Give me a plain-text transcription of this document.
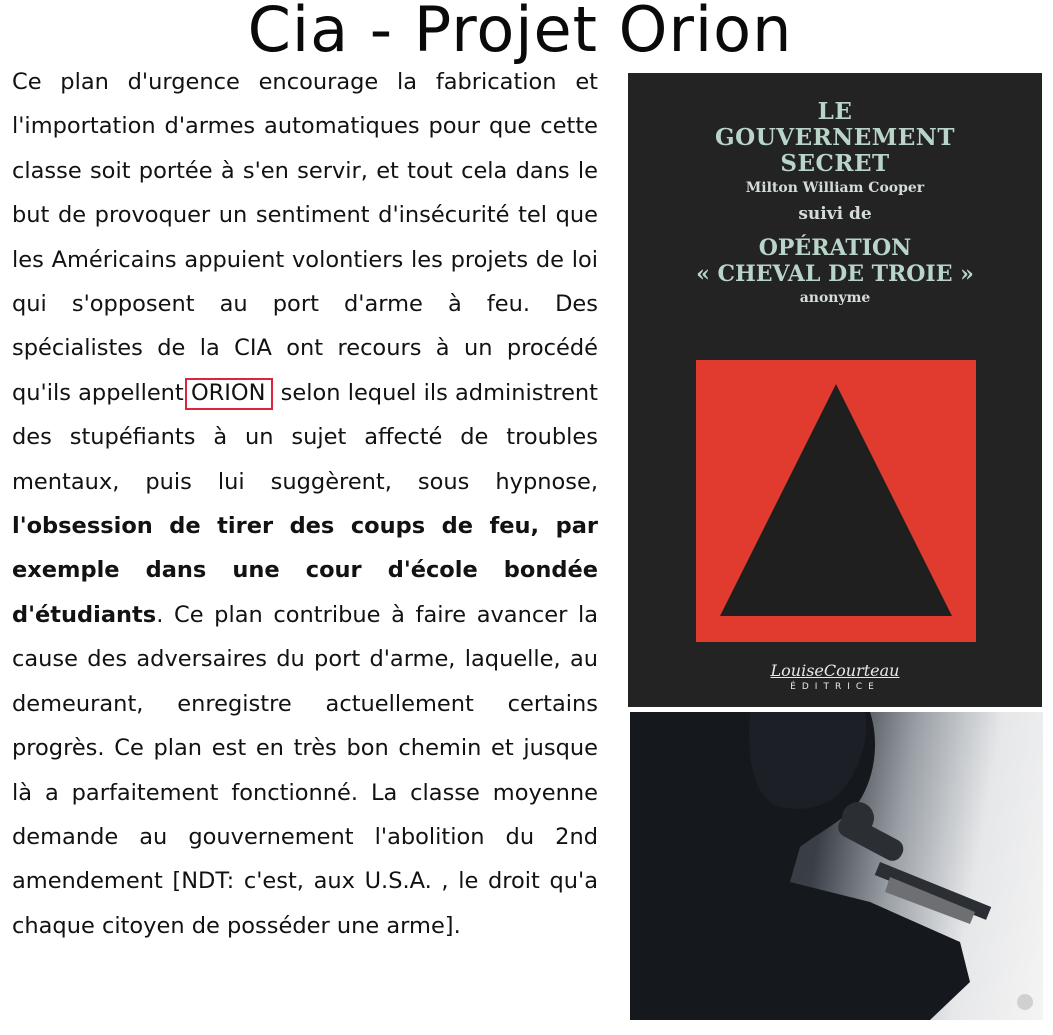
Cia - Projet Orion
Ce plan d'urgence encourage la fabrication et l'importation d'armes automatiques pour que cette classe soit portée à s'en servir, et tout cela dans le but de provoquer un sentiment d'insécurité tel que les Américains appuient volontiers les projets de loi qui s'opposent au port d'arme à feu. Des spécialistes de la CIA ont recours à un procédé qu'ils appellent ORION selon lequel ils administrent des stupéfiants à un sujet affecté de troubles mentaux, puis lui suggèrent, sous hypnose, l'obsession de tirer des coups de feu, par exemple dans une cour d'école bondée d'étudiants. Ce plan contribue à faire avancer la cause des adversaires du port d'arme, laquelle, au demeurant, enregistre actuellement certains progrès. Ce plan est en très bon chemin et jusque là a parfaitement fonctionné. La classe moyenne demande au gouvernement l'abolition du 2nd amendement [NDT: c'est, aux U.S.A. , le droit qu'a chaque citoyen de posséder une arme].
LE
GOUVERNEMENT
SECRET
Milton William Cooper
suivi de
OPÉRATION
« CHEVAL DE TROIE »
anonyme
LouiseCourteau
ÉDITRICE
